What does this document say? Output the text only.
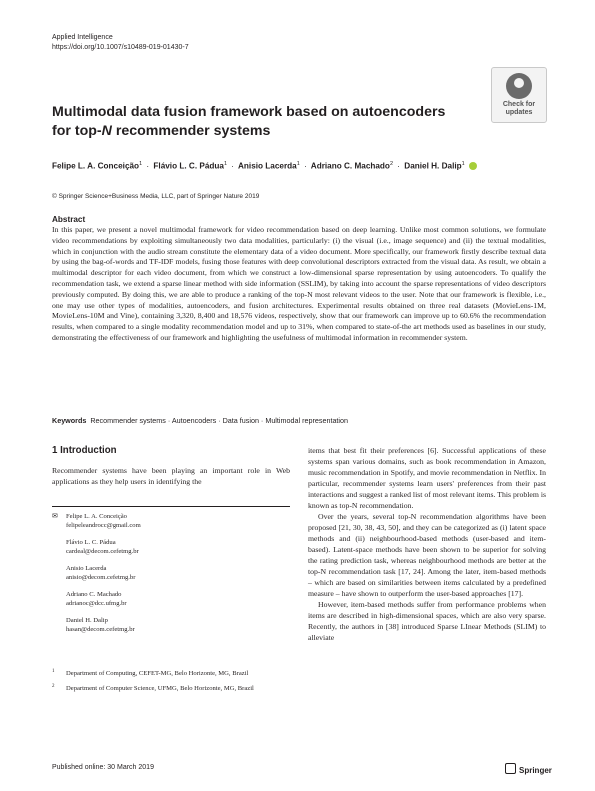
Applied Intelligence
https://doi.org/10.1007/s10489-019-01430-7
Check for
updates
Multimodal data fusion framework based on autoencoders
for top-N recommender systems
Felipe L. A. Conceição$^1$ · Flávio L. C. Pádua$^1$ · Anisio Lacerda$^1$ · Adriano C. Machado$^2$ · Daniel H. Dalip$^1$
© Springer Science+Business Media, LLC, part of Springer Nature 2019
Abstract
In this paper, we present a novel multimodal framework for video recommendation based on deep learning. Unlike most common solutions, we formulate video recommendations by exploiting simultaneously two data modalities, particularly: (i) the visual (i.e., image sequence) and (ii) the textual modalities, which in conjunction with the audio stream constitute the elementary data of a video document. More specifically, our framework firstly describe textual data by using the bag-of-words and TF-IDF models, fusing those features with deep convolutional descriptors extracted from the visual data. As result, we obtain a multimodal descriptor for each video document, from which we construct a low-dimensional sparse representation by using autoencoders. To qualify the recommendation task, we extend a sparse linear method with side information (SSLIM), by taking into account the sparse representations of video descriptors previously computed. By doing this, we are able to produce a ranking of the top-N most relevant videos to the user. Note that our framework is flexible, i.e., one may use other types of modalities, autoencoders, and fusion architectures. Experimental results obtained on three real datasets (MovieLens-1M, MovieLens-10M and Vine), containing 3,320, 8,400 and 18,576 videos, respectively, show that our framework can improve up to 60.6% the recommendation results, when compared to a single modality recommendation model and up to 31%, when compared to state-of-the art methods used as baselines in our study, demonstrating the effectiveness of our framework and highlighting the usefulness of multimodal information in recommender system.
Keywords Recommender systems · Autoencoders · Data fusion · Multimodal representation
1 Introduction
Recommender systems have been playing an important role in Web applications as they help users in identifying the
✉ Felipe L. A. Conceição
felipeleandrocc@gmail.com
Flávio L. C. Pádua
cardeal@decom.cefetmg.br
Anisio Lacerda
anisio@decom.cefetmg.br
Adriano C. Machado
adrianoc@dcc.ufmg.br
Daniel H. Dalip
hasan@decom.cefetmg.br
1 Department of Computing, CEFET-MG, Belo Horizonte, MG, Brazil
2 Department of Computer Science, UFMG, Belo Horizonte, MG, Brazil

items that best fit their preferences [6]. Successful applications of these systems span various domains, such as book recommendation in Amazon, music recommendation in Spotify, and movie recommendation in Netflix. In particular, recommender systems learn users' preferences from their past interactions and suggest a ranked list of most relevant items. This problem is known as top-N recommendation.

Over the years, several top-N recommendation algorithms have been proposed [21, 30, 38, 43, 50], and they can be categorized as (i) latent space methods and (ii) neighbourhood-based methods (user-based and item-based). Latent-space methods have been shown to be superior for solving the rating prediction task, whereas neighbourhood methods are better at the top-N recommendation task [17, 24]. Among the later, item-based methods – which are based on similarities between items calculated by a predefined measure – have shown to outperform the user-based approaches [17].

However, item-based methods suffer from performance problems when items are described in high-dimensional spaces, which are also very sparse. Recently, the authors in [38] introduced Sparse LInear Methods (SLIM) to alleviate

Published online: 30 March 2019	Springer
